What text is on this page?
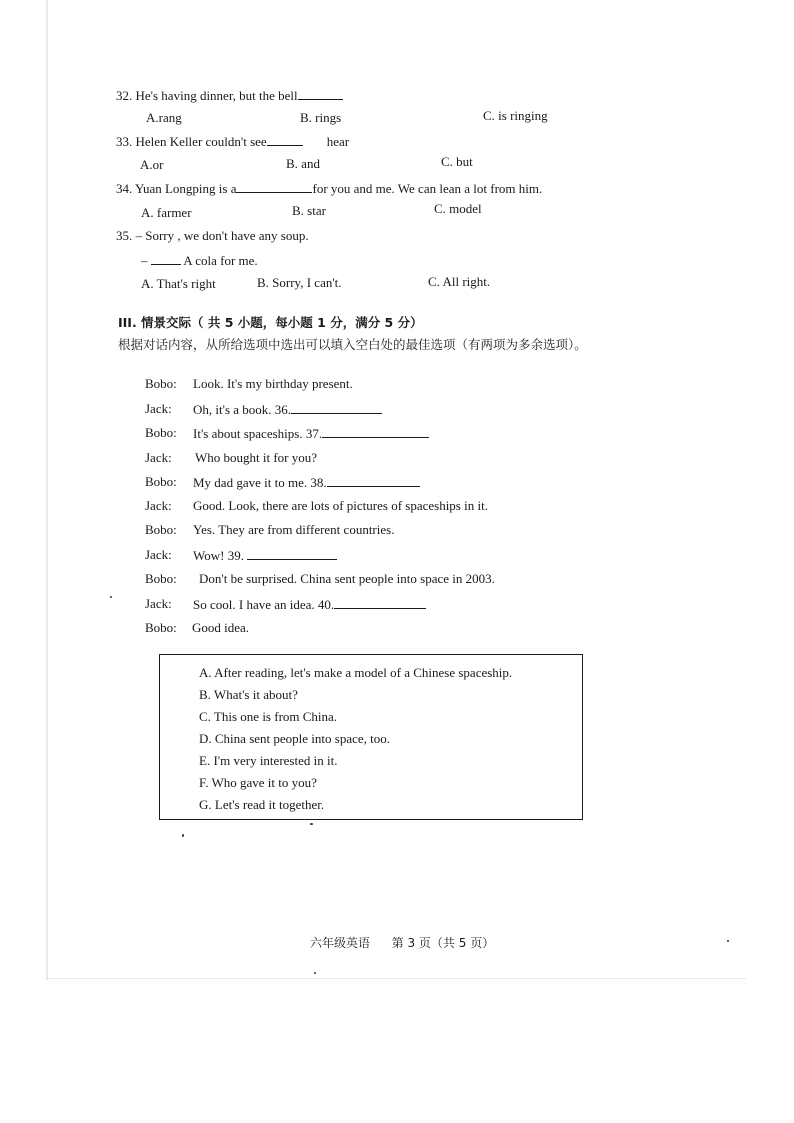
32. He's having dinner, but the bell
A.rang	B. rings	C. is ringing
33. Helen Keller couldn't see	hear
A.or	B. and	C. but
34. Yuan Longping is a	for you and me. We can lean a lot from him.
A. farmer	B. star	C. model
35. – Sorry , we don't have any soup.
–	A cola for me.
A. That's right	B. Sorry, I can't.	C. All right.
III. 情景交际（ 共 5 小题，每小题 1 分，满分 5 分）
根据对话内容，从所给选项中选出可以填入空白处的最佳选项（有两项为多余选项）。
Bobo: Look. It's my birthday present.
Jack: Oh, it's a book. 36.
Bobo: It's about spaceships. 37.
Jack: Who bought it for you?
Bobo: My dad gave it to me. 38.
Jack: Good. Look, there are lots of pictures of spaceships in it.
Bobo: Yes. They are from different countries.
Jack: Wow! 39.
Bobo: Don't be surprised. China sent people into space in 2003.
Jack: So cool. I have an idea. 40.
Bobo: Good idea.
A. After reading, let's make a model of a Chinese spaceship.
B. What's it about?
C. This one is from China.
D. China sent people into space, too.
E. I'm very interested in it.
F. Who gave it to you?
G. Let's read it together.
六年级英语 第 3 页（共 5 页）
